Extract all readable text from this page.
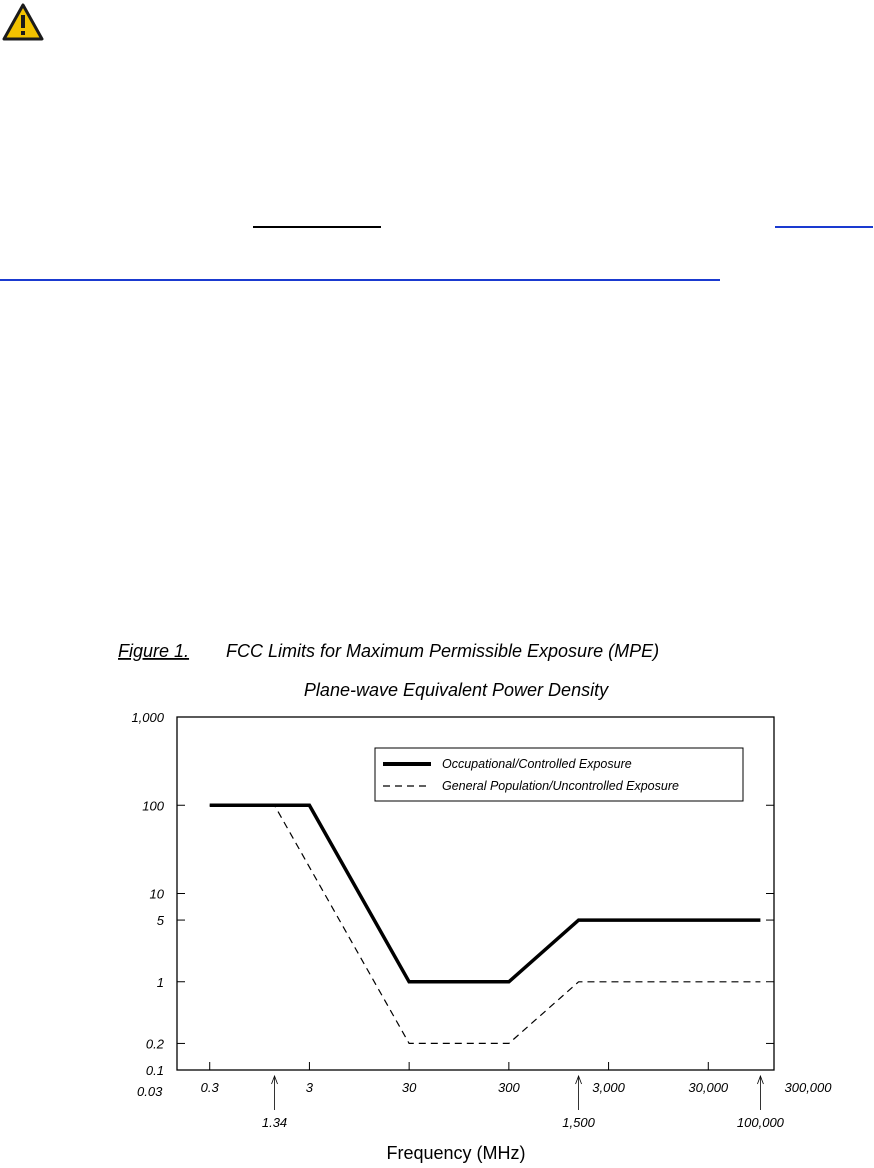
Figure 1. FCC Limits for Maximum Permissible Exposure (MPE)
Plane-wave Equivalent Power Density
0.1
0.2
1
5
10
100
1,000
0.03	0.3	3	30	300	3,000	30,000	300,000
1.34	1,500	100,000
Occupational/Controlled Exposure
General Population/Uncontrolled Exposure
Frequency (MHz)
